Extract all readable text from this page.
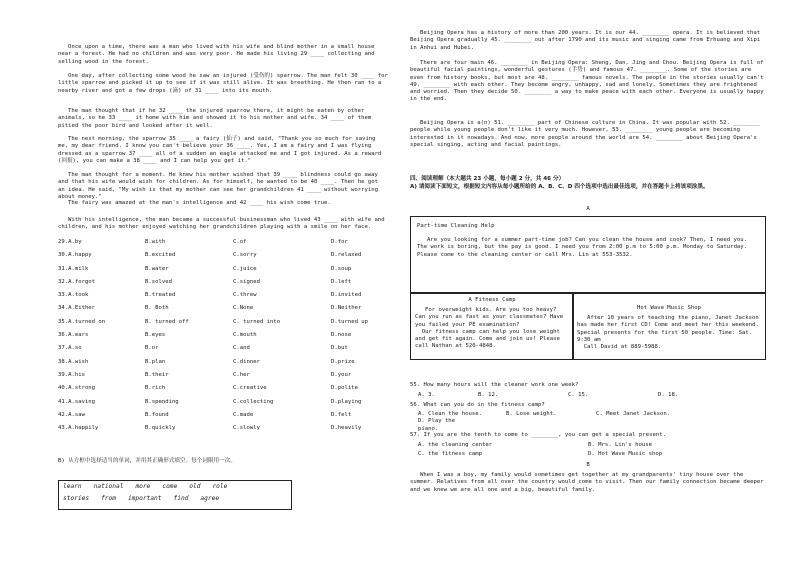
Once upon a time, there was a man who lived with his wife and blind mother in a small house near a forest. He had no children and was very poor. He made his living 29 ____ collecting and selling wood in the forest.

One day, after collecting some wood he saw an injured (受伤的) sparrow. The man felt 30 ____ for little sparrow and picked it up to see if it was still alive. It was breathing. He then ran to a nearby river and got a few drops (滴) of 31 ____ into its mouth.

The man thought that if he 32 ____ the injured sparrow there, it might be eaten by other animals, so he 33 ____ it home with him and showed it to his mother and wife. 34 ____ of them pitied the poor bird and looked after it well.

The next morning, the sparrow 35 ____ a fairy (仙子) and said, "Thank you so much for saving me, my dear friend. I know you can't believe your 36 ____. Yes, I am a fairy and I was flying dressed as a sparrow 37 ____ all of a sudden an eagle attacked me and I got injured. As a reward (回报), you can make a 38 ____ and I can help you get it."

The man thought for a moment. He knew his mother wished that 39 ____ blindness could go away and that his wife would wish for children. As for himself, he wanted to be 40 ____. Then he got an idea. He said, "My wish is that my mother can see her grandchildren 41 ____ without worrying about money."

The fairy was amazed at the man's intelligence and 42 ____ his wish come true.

With his intelligence, the man became a successful businessman who lived 43 ____ with wife and children, and his mother enjoyed watching her grandchildren playing with a smile on her face.

29.A.by	B.with	C.of	D.for
30.A.happy	B.excited	C.sorry	D.relaxed
31.A.milk	B.water	C.juice	D.soup
32.A.forgot	B.solved	C.signed	D.left
33.A.took	B.treated	C.threw	D.invited
34.A.Either	B. Both	C.None	D.Neither
35.A.turned on	B. turned off	C. turned into	D.turned up
36.A.ears	B.eyes	C.mouth	D.nose
37.A.so	B.or	C.and	D.but
38.A.wish	B.plan	C.dinner	D.prize
39.A.his	B.their	C.her	D.your
40.A.strong	B.rich	C.creative	D.polite
41.A.saving	B.spending	C.collecting	D.playing
42.A.saw	B.found	C.made	D.felt
43.A.happily	B.quickly	C.slowly	D.heavily

B) 从方框中选择适当的单词，并用其正确形式填空。每个词限用一次。

learn national more come old role
stories from important find agree

Beijing Opera has a history of more than 200 years. It is our 44. ________ opera. It is believed that Beijing Opera gradually 45. ________ out after 1790 and its music and singing came from Erhuang and Xipi in Anhui and Hubei.

There are four main 46. ________ in Beijing Opera: Sheng, Dan, Jing and Chou. Beijing Opera is full of beautiful facial paintings, wonderful gestures (手势) and famous 47. ________. Some of the stories are even from history books, but most are 48. ________ famous novels. The people in the stories usually can't 49. ________ with each other. They become angry, unhappy, sad and lonely. Sometimes they are frightened and worried. Then they decide 50. ________ a way to make peace with each other. Everyone is usually happy in the end.

Beijing Opera is a(n) 51. ________ part of Chinese culture in China. It was popular with 52. ________ people while young people don't like it very much. However, 53. ________ young people are becoming interested in it nowadays. And now, more people around the world are 54. ________ about Beijing Opera's special singing, acting and facial paintings.

四、阅读理解（本大题共 23 小题，每小题 2 分，共 46 分）

A) 请阅读下面短文，根据短文内容从每小题所给的 A、B、C、D 四个选项中选出最佳选项，并在答题卡上将该项涂黑。

A

Part-time Cleaning Help

Are you looking for a summer part-time job? Can you clean the house and cook? Then, I need you. The work is boring, but the pay is good. I need you from 2:00 p.m to 5:00 p.m. Monday to Saturday. Please come to the cleaning center or call Mrs. Lin at 553-3532.

A Fitness Camp

For overweight kids. Are you too heavy? Can you run as fast as your classmates? Have you failed your PE examination?
Our fitness camp can help you lose weight and get fit again. Come and join us! Please call Nathan at 520-4848.

Hot Wave Music Shop

After 10 years of teaching the piano, Janet Jackson has made her first CD! Come and meet her this weekend. Special presents for the first 50 people. Time: Sat. 9:30 am
Call David at 889-5988.

55. How many hours will the cleaner work one week?

A. 3.	B. 12.	C. 15.	D. 18.

56. What can you do in the fitness camp?

A. Clean the house.	B. Lose weight.	C. Meet Janet Jackson.
D. Play the piano.

57. If you are the tenth to come to ________, you can get a special present.

A. the cleaning center	B. Mrs. Lin's house
C. the fitness camp	D. Hot Wave Music shop

B

When I was a boy, my family would sometimes get together at my grandparents' tiny house over the summer. Relatives from all over the country would come to visit. Then our family connection became deeper and we knew we are all one and a big, beautiful family.
